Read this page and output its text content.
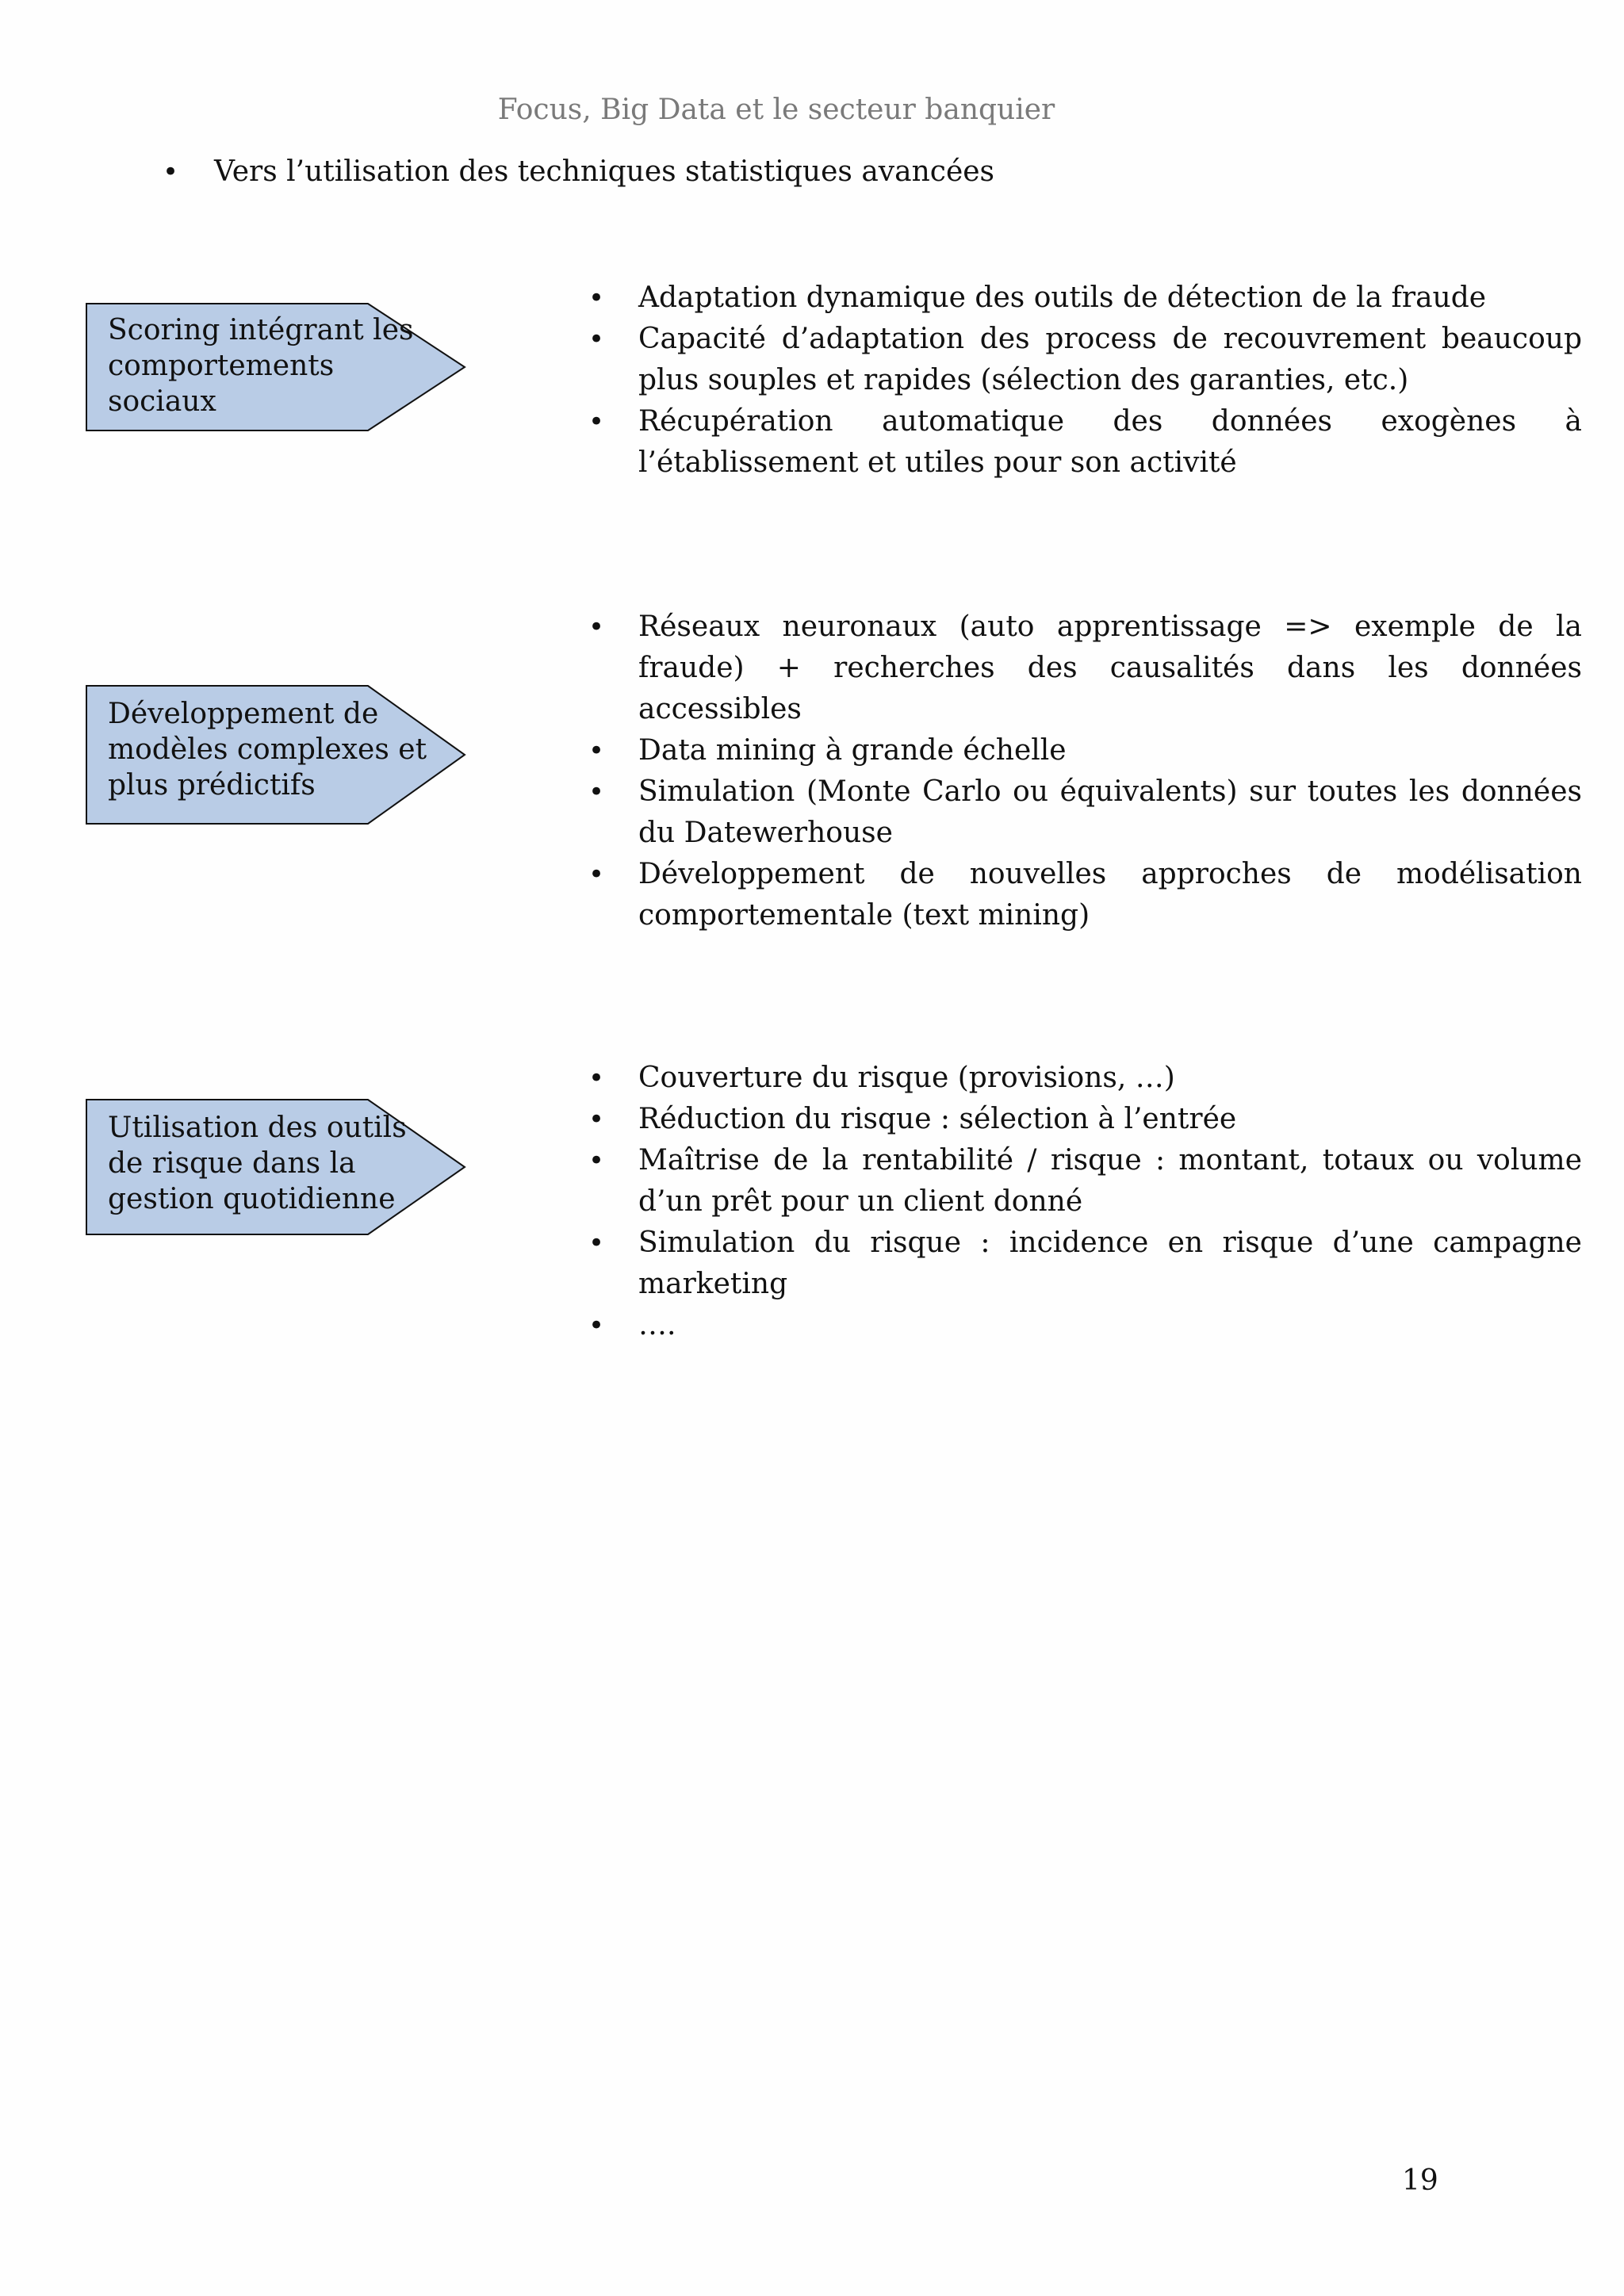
Focus, Big Data et le secteur banquier
•	Vers l’utilisation des techniques statistiques avancées
Scoring intégrant les
comportements
sociaux
• Adaptation dynamique des outils de détection de la fraude
• Capacité d’adaptation des process de recouvrement beaucoup plus souples et rapides (sélection des garanties, etc.)
• Récupération automatique des données exogènes à l’établissement et utiles pour son activité
Développement de
modèles complexes et
plus prédictifs
• Réseaux neuronaux (auto apprentissage => exemple de la fraude) + recherches des causalités dans les données accessibles
• Data mining à grande échelle
• Simulation (Monte Carlo ou équivalents) sur toutes les données du Datewerhouse
• Développement de nouvelles approches de modélisation comportementale (text mining)
Utilisation des outils
de risque dans la
gestion quotidienne
• Couverture du risque (provisions, …)
• Réduction du risque : sélection à l’entrée
• Maîtrise de la rentabilité / risque : montant, totaux ou volume d’un prêt pour un client donné
• Simulation du risque : incidence en risque d’une campagne marketing
• ….
19
